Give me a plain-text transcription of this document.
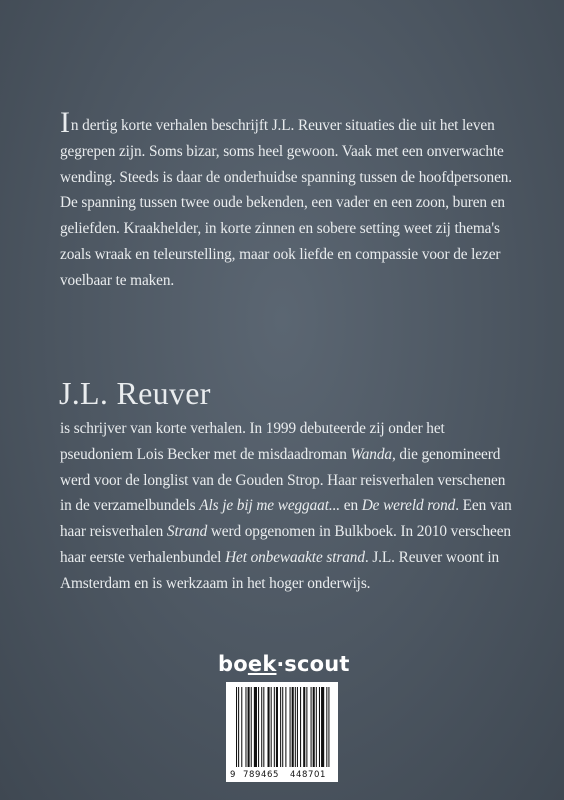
In dertig korte verhalen beschrijft J.L. Reuver situaties die uit het leven gegrepen zijn. Soms bizar, soms heel gewoon. Vaak met een onverwachte wending. Steeds is daar de onderhuidse spanning tussen de hoofdpersonen. De spanning tussen twee oude bekenden, een vader en een zoon, buren en geliefden. Kraakhelder, in korte zinnen en sobere setting weet zij thema's zoals wraak en teleurstelling, maar ook liefde en compassie voor de lezer voelbaar te maken.

J.L. Reuver

is schrijver van korte verhalen. In 1999 debuteerde zij onder het pseudoniem Lois Becker met de misdaadroman Wanda, die genomineerd werd voor de longlist van de Gouden Strop. Haar reisverhalen verschenen in de verzamelbundels Als je bij me weggaat... en De wereld rond. Een van haar reisverhalen Strand werd opgenomen in Bulkboek. In 2010 verscheen haar eerste verhalenbundel Het onbewaakte strand. J.L. Reuver woont in Amsterdam en is werkzaam in het hoger onderwijs.

boek·scout
9 789465 448701
